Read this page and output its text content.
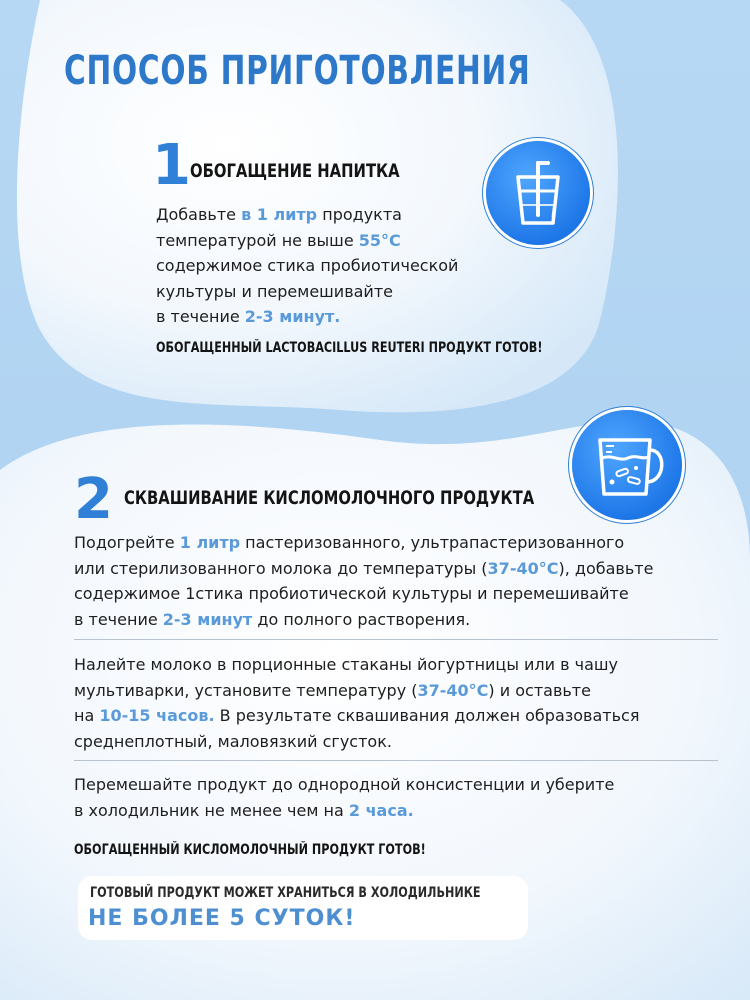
СПОСОБ ПРИГОТОВЛЕНИЯ
1 ОБОГАЩЕНИЕ НАПИТКА
Добавьте в 1 литр продукта
температурой не выше 55°C
содержимое стика пробиотической
культуры и перемешивайте
в течение 2-3 минут.
ОБОГАЩЕННЫЙ LACTOBACILLUS REUTERI ПРОДУКТ ГОТОВ!
2 СКВАШИВАНИЕ КИСЛОМОЛОЧНОГО ПРОДУКТА
Подогрейте 1 литр пастеризованного, ультрапастеризованного
или стерилизованного молока до температуры (37-40°C), добавьте
содержимое 1стика пробиотической культуры и перемешивайте
в течение 2-3 минут до полного растворения.
Налейте молоко в порционные стаканы йогуртницы или в чашу
мультиварки, установите температуру (37-40°C) и оставьте
на 10-15 часов. В результате сквашивания должен образоваться
среднеплотный, маловязкий сгусток.
Перемешайте продукт до однородной консистенции и уберите
в холодильник не менее чем на 2 часа.
ОБОГАЩЕННЫЙ КИСЛОМОЛОЧНЫЙ ПРОДУКТ ГОТОВ!
ГОТОВЫЙ ПРОДУКТ МОЖЕТ ХРАНИТЬСЯ В ХОЛОДИЛЬНИКЕ
НЕ БОЛЕЕ 5 СУТОК!
